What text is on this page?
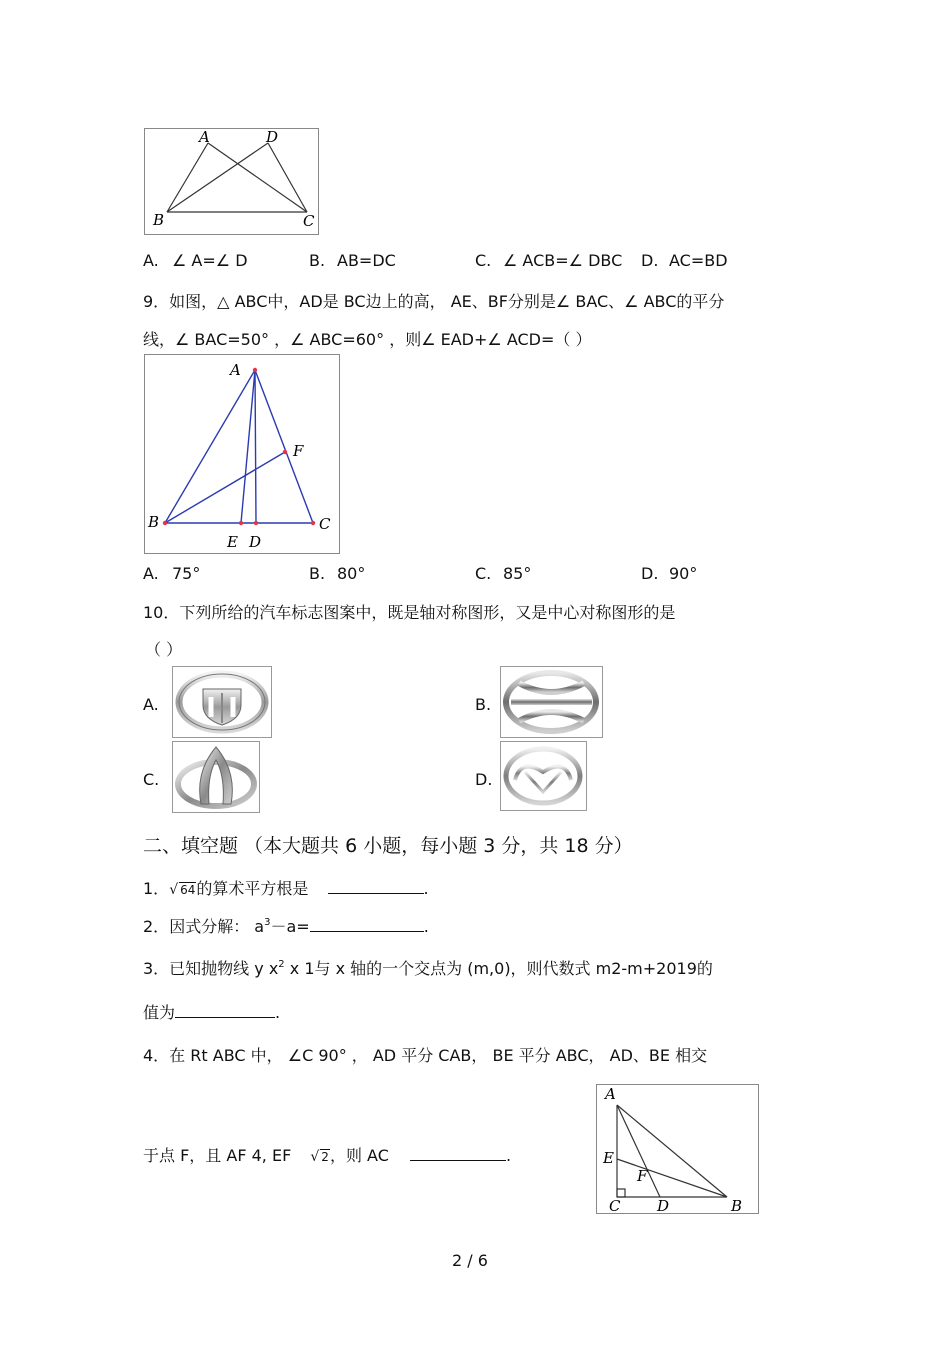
A	D
B	C
A. ∠ A=∠ D	B. AB=DC	C. ∠ ACB=∠ DBC D. AC=BD
9．如图，△ ABC中，AD是 BC边上的高， AE、BF分别是∠ BAC、∠ ABC的平分
线，∠ BAC=50° ，∠ ABC=60° ，则∠ EAD+∠ ACD=（ ）
A
B	C
F
E D
A. 75°	B. 80°	C. 85°	D. 90°
10．下列所给的汽车标志图案中，既是轴对称图形，又是中心对称图形的是
（ ）
A.	B.
C.	D.
二、填空题 （本大题共 6 小题，每小题 3 分，共 18 分）
1．√ 64的算术平方根是	.
2．因式分解： $a^3-a=$	.
3．已知抛物线 y $x^2$ x 1与 x 轴的一个交点为 (m,0)，则代数式 m2-m+2019的
值为	.
4．在 Rt ABC 中， ∠C 90° ， AD 平分 CAB， BE 平分 ABC， AD、BE 相交
于点 F，且 AF 4, EF √ 2，则 AC	.
A
E
F
C D	B
2 / 6
